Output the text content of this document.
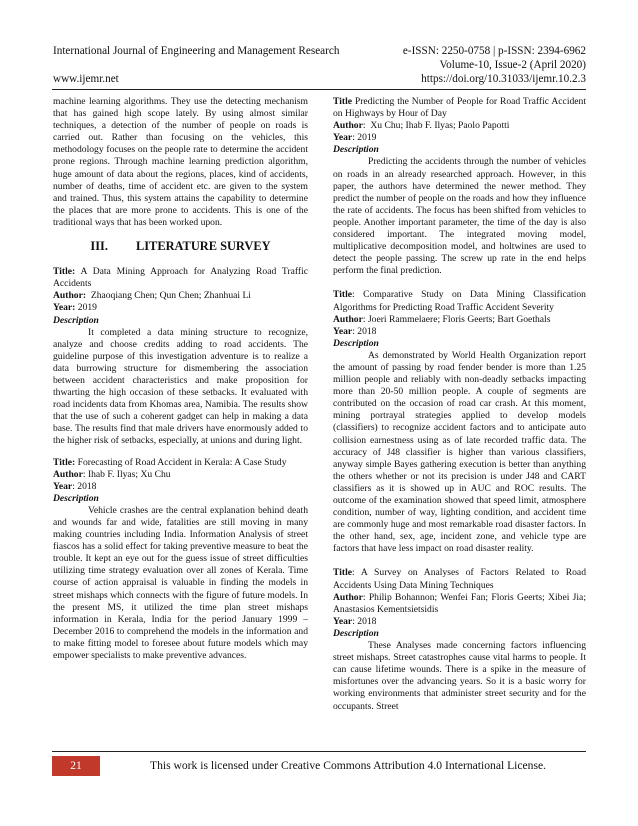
International Journal of Engineering and Management Research	e-ISSN: 2250-0758 | p-ISSN: 2394-6962
Volume-10, Issue-2 (April 2020)
www.ijemr.net	https://doi.org/10.31033/ijemr.10.2.3

machine learning algorithms. They use the detecting mechanism that has gained high scope lately. By using almost similar techniques, a detection of the number of people on roads is carried out. Rather than focusing on the vehicles, this methodology focuses on the people rate to determine the accident prone regions. Through machine learning prediction algorithm, huge amount of data about the regions, places, kind of accidents, number of deaths, time of accident etc. are given to the system and trained. Thus, this system attains the capability to determine the places that are more prone to accidents. This is one of the traditional ways that has been worked upon.

III. LITERATURE SURVEY

Title: A Data Mining Approach for Analyzing Road Traffic Accidents

Author: Zhaoqiang Chen; Qun Chen; Zhanhuai Li

Year: 2019

Description

It completed a data mining structure to recognize, analyze and choose credits adding to road accidents. The guideline purpose of this investigation adventure is to realize a data burrowing structure for dismembering the association between accident characteristics and make proposition for thwarting the high occasion of these setbacks. It evaluated with road incidents data from Khomas area, Namibia. The results show that the use of such a coherent gadget can help in making a data base. The results find that male drivers have enormously added to the higher risk of setbacks, especially, at unions and during light.

Title: Forecasting of Road Accident in Kerala: A Case Study

Author: Ihab F. Ilyas; Xu Chu

Year: 2018

Description

Vehicle crashes are the central explanation behind death and wounds far and wide, fatalities are still moving in many making countries including India. Information Analysis of street fiascos has a solid effect for taking preventive measure to beat the trouble. It kept an eye out for the guess issue of street difficulties utilizing time strategy evaluation over all zones of Kerala. Time course of action appraisal is valuable in finding the models in street mishaps which connects with the figure of future models. In the present MS, it utilized the time plan street mishaps information in Kerala, India for the period January 1999 – December 2016 to comprehend the models in the information and to make fitting model to foresee about future models which may empower specialists to make preventive advances.

Title Predicting the Number of People for Road Traffic Accident on Highways by Hour of Day

Author:  Xu Chu; Ihab F. Ilyas; Paolo Papotti

Year: 2019

Description

Predicting the accidents through the number of vehicles on roads in an already researched approach. However, in this paper, the authors have determined the newer method. They predict the number of people on the roads and how they influence the rate of accidents. The focus has been shifted from vehicles to people. Another important parameter, the time of the day is also considered important. The integrated moving model, multiplicative decomposition model, and holtwines are used to detect the people passing. The screw up rate in the end helps perform the final prediction.

Title: Comparative Study on Data Mining Classification Algorithms for Predicting Road Traffic Accident Severity

Author: Joeri Rammelaere; Floris Geerts; Bart Goethals

Year: 2018

Description

As demonstrated by World Health Organization report the amount of passing by road fender bender is more than 1.25 million people and reliably with non-deadly setbacks impacting more than 20-50 million people. A couple of segments are contributed on the occasion of road car crash. At this moment, mining portrayal strategies applied to develop models (classifiers) to recognize accident factors and to anticipate auto collision earnestness using as of late recorded traffic data. The accuracy of J48 classifier is higher than various classifiers, anyway simple Bayes gathering execution is better than anything the others whether or not its precision is under J48 and CART classifiers as it is showed up in AUC and ROC results. The outcome of the examination showed that speed limit, atmosphere condition, number of way, lighting condition, and accident time are commonly huge and most remarkable road disaster factors. In the other hand, sex, age, incident zone, and vehicle type are factors that have less impact on road disaster reality.

Title: A Survey on Analyses of Factors Related to Road Accidents Using Data Mining Techniques

Author: Philip Bohannon; Wenfei Fan; Floris Geerts; Xibei Jia; Anastasios Kementsietsidis

Year: 2018

Description

These Analyses made concerning factors influencing street mishaps. Street catastrophes cause vital harms to people. It can cause lifetime wounds. There is a spike in the measure of misfortunes over the advancing years. So it is a basic worry for working environments that administer street security and for the occupants. Street

21	This work is licensed under Creative Commons Attribution 4.0 International License.
